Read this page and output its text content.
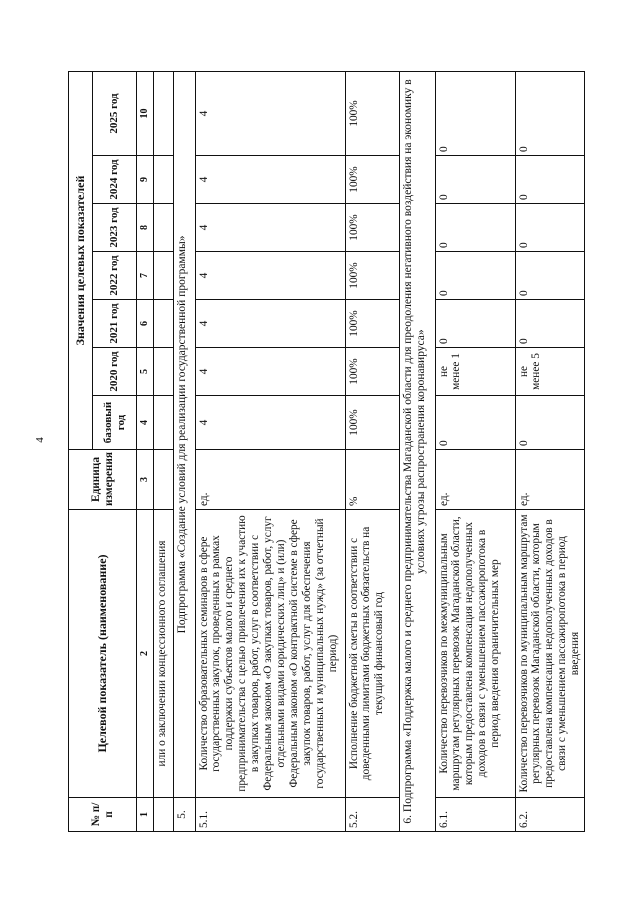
4
№ п/п	Целевой показатель (наименование)	Единица измерения	Значения целевых показателей						
			базовый год	2020 год	2021 год	2022 год	2023 год	2024 год	2025 год
1	2	3	4	5	6	7	8	9	10
	или о заключении концессионного соглашения								
5.	Подпрограмма «Создание условий для реализации государственной программы»								
5.1.	Количество образовательных семинаров в сфере государственных закупок, проведенных в рамках поддержки субъектов малого и среднего предпринимательства с целью привлечения их к участию в закупках товаров, работ, услуг в соответствии с Федеральным законом «О закупках товаров, работ, услуг отдельными видами юридических лиц» и (или) Федеральным законом «О контрактной системе в сфере закупок товаров, работ, услуг для обеспечения государственных и муниципальных нужд» (за отчетный период)	ед.	4	4	4	4	4	4	4
5.2.	Исполнение бюджетной сметы в соответствии с доведенными лимитами бюджетных обязательств на текущий финансовый год	%	100%	100%	100%	100%	100%	100%	100%
6. Подпрограмма «Поддержка малого и среднего предпринимательства Магаданской области для преодоления негативного воздействия на экономику в условиях угрозы распространения коронавируса»									
6.1.	Количество перевозчиков по межмуниципальным маршрутам регулярных перевозок Магаданской области, которым предоставлена компенсация недополученных доходов в связи с уменьшением пассажиропотока в период введения ограничительных мер	ед.	0	не менее 1	0	0	0	0	0
6.2.	Количество перевозчиков по муниципальным маршрутам регулярных перевозок Магаданской области, которым предоставлена компенсация недополученных доходов в связи с уменьшением пассажиропотока в период введения	ед.	0	не менее 5	0	0	0	0	0
